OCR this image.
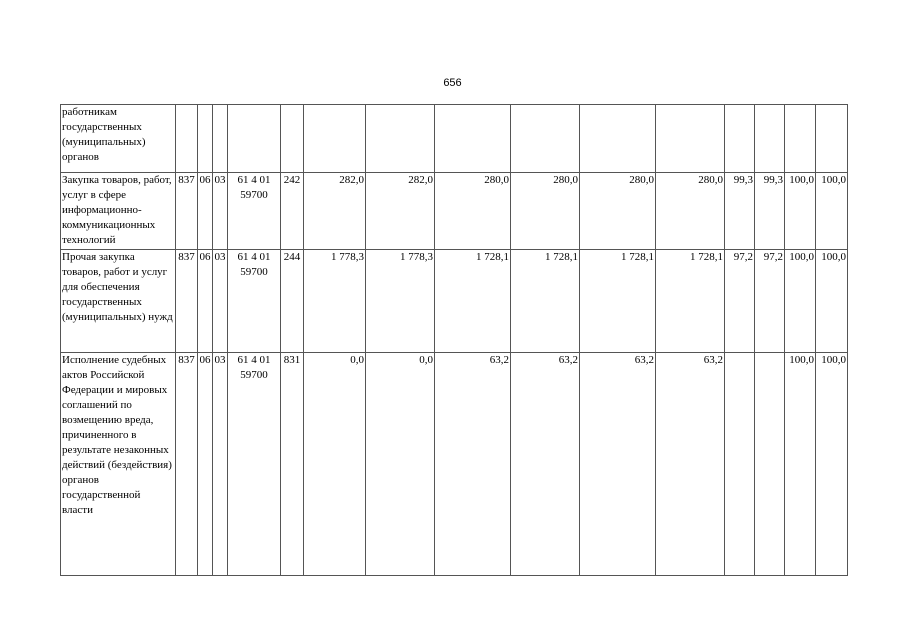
656
работникам государственных (муниципальных) органов															
Закупка товаров, работ, услуг в сфере информационно-коммуникационных технологий	837	06	03	61 4 01 59700	242	282,0	282,0	280,0	280,0	280,0	280,0	99,3	99,3	100,0	100,0
Прочая закупка товаров, работ и услуг для обеспечения государственных (муниципальных) нужд	837	06	03	61 4 01 59700	244	1 778,3	1 778,3	1 728,1	1 728,1	1 728,1	1 728,1	97,2	97,2	100,0	100,0
Исполнение судебных актов Российской Федерации и мировых соглашений по возмещению вреда, причиненного в результате незаконных действий (бездействия) органов государственной власти	837	06	03	61 4 01 59700	831	0,0	0,0	63,2	63,2	63,2	63,2			100,0	100,0
